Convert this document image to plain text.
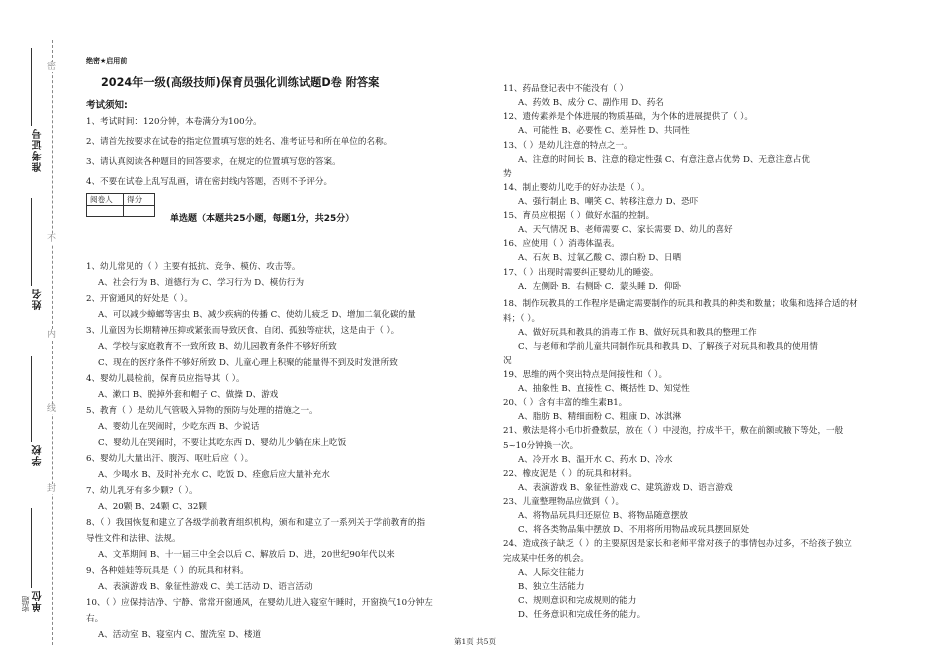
准考证号
姓名
学校
单位
密题
密
不
内
线
封
绝密★启用前
2024年一级(高级技师)保育员强化训练试题D卷 附答案
考试须知:
1、考试时间：120分钟，本卷满分为100分。
2、请首先按要求在试卷的指定位置填写您的姓名、准考证号和所在单位的名称。
3、请认真阅读各种题目的回答要求，在规定的位置填写您的答案。
4、不要在试卷上乱写乱画，请在密封线内答题，否则不予评分。
阅卷人	得分

单选题（本题共25小题，每题1分，共25分）
1、幼儿常见的（ ）主要有抵抗、竞争、模仿、攻击等。
A、社会行为 B、道德行为 C、学习行为 D、模仿行为
2、开窗通风的好处是（ ）。
A、可以减少蟑螂等害虫 B、减少疾病的传播 C、使幼儿疲乏 D、增加二氧化碳的量
3、儿童因为长期精神压抑或紧张而导致厌食、自闭、孤独等症状，这是由于（ ）。
A、学校与家庭教育不一致所致 B、幼儿园教育条件不够好所致
C、现在的医疗条件不够好所致 D、儿童心理上积聚的能量得不到及时发泄所致
4、婴幼儿晨检前，保育员应指导其（ ）。
A、漱口 B、脱掉外套和帽子 C、做操 D、游戏
5、教育（ ）是幼儿气管吸入异物的预防与处理的措施之一。
A、婴幼儿在哭闹时，少吃东西 B、少说话
C、婴幼儿在哭闹时，不要让其吃东西 D、婴幼儿少躺在床上吃饭
6、婴幼儿大量出汗、腹泻、呕吐后应（ ）。
A、少喝水 B、及时补充水 C、吃饭 D、痊愈后应大量补充水
7、幼儿乳牙有多少颗?（ ）。
A、20颗 B、24颗 C、32颗
8、（ ）我国恢复和建立了各级学前教育组织机构，颁布和建立了一系列关于学前教育的指
导性文件和法律、法规。
A、文革期间 B、十一届三中全会以后 C、解放后 D、进，20世纪90年代以来
9、各种娃娃等玩具是（ ）的玩具和材料。
A、表演游戏 B、象征性游戏 C、美工活动 D、语言活动
10、（ ）应保持洁净、宁静、常常开窗通风，在婴幼儿进入寝室午睡时，开窗换气10分钟左
右。
A、活动室 B、寝室内 C、盥洗室 D、楼道
11、药品登记表中不能没有（ ）
A、药效 B、成分 C、副作用 D、药名
12、遗传素养是个体进展的物质基础，为个体的进展提供了（ ）。
A、可能性 B、必要性 C、差异性 D、共同性
13、（ ）是幼儿注意的特点之一。
A、注意的时间长 B、注意的稳定性强 C、有意注意占优势 D、无意注意占优
势
14、制止婴幼儿吃手的好办法是（ ）。
A、强行制止 B、嘲笑 C、转移注意力 D、恐吓
15、育员应根据（ ）做好水温的控制。
A、天气情况 B、老师需要 C、家长需要 D、幼儿的喜好
16、应使用（ ）消毒体温表。
A、石灰 B、过氧乙酸 C、漂白粉 D、日晒
17、（ ）出现时需要纠正婴幼儿的睡姿。
A．左侧卧 B．右侧卧 C．蒙头睡 D．仰卧
18、制作玩教具的工作程序是确定需要制作的玩具和教具的种类和数量；收集和选择合适的材
料；（ ）。
A、做好玩具和教具的消毒工作 B、做好玩具和教具的整理工作
C、与老师和学前儿童共同制作玩具和教具 D、了解孩子对玩具和教具的使用情
况
19、思维的两个突出特点是间接性和（ ）。
A、抽象性 B、直接性 C、概括性 D、知觉性
20、（ ）含有丰富的维生素B1。
A、脂肪 B、精细面粉 C、粗康 D、冰淇淋
21、敷法是将小毛巾折叠数层，放在（ ）中浸泡，拧成半干，敷在前额或腋下等处，一般
5~10分钟换一次。
A、冷开水 B、温开水 C、药水 D、冷水
22、橡皮泥是（ ）的玩具和材料。
A、表演游戏 B、象征性游戏 C、建筑游戏 D、语言游戏
23、儿童整理物品应做到（ ）。
A、将物品玩具归还原位 B、将物品随意摆放
C、将各类物品集中摆放 D、不用将所用物品或玩具摆回原处
24、造成孩子缺乏（ ）的主要原因是家长和老师平常对孩子的事情包办过多，不给孩子独立
完成某中任务的机会。
A、人际交往能力
B、独立生活能力
C、规则意识和完成规则的能力
D、任务意识和完成任务的能力。
第1页 共5页
